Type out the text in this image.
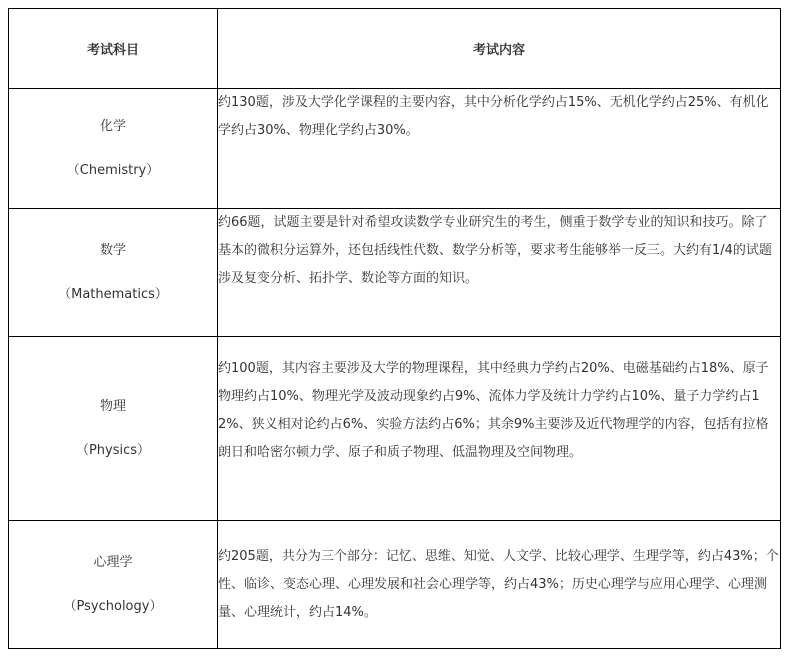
考试科目	考试内容

化学
（Chemistry）	约130题，涉及大学化学课程的主要内容，其中分析化学约占15%、无机化学约占25%、有机化学约占30%、物理化学约占30%。

数学
（Mathematics）	约66题，试题主要是针对希望攻读数学专业研究生的考生，侧重于数学专业的知识和技巧。除了基本的微积分运算外，还包括线性代数、数学分析等，要求考生能够举一反三。大约有1/4的试题涉及复变分析、拓扑学、数论等方面的知识。

物理
（Physics）	约100题，其内容主要涉及大学的物理课程，其中经典力学约占20%、电磁基础约占18%、原子物理约占10%、物理光学及波动现象约占9%、流体力学及统计力学约占10%、量子力学约占12%、狭义相对论约占6%、实验方法约占6%；其余9%主要涉及近代物理学的内容，包括有拉格朗日和哈密尔顿力学、原子和质子物理、低温物理及空间物理。

心理学
（Psychology）	约205题，共分为三个部分：记忆、思维、知觉、人文学、比较心理学、生理学等，约占43%；个性、临诊、变态心理、心理发展和社会心理学等，约占43%；历史心理学与应用心理学、心理测量、心理统计，约占14%。
